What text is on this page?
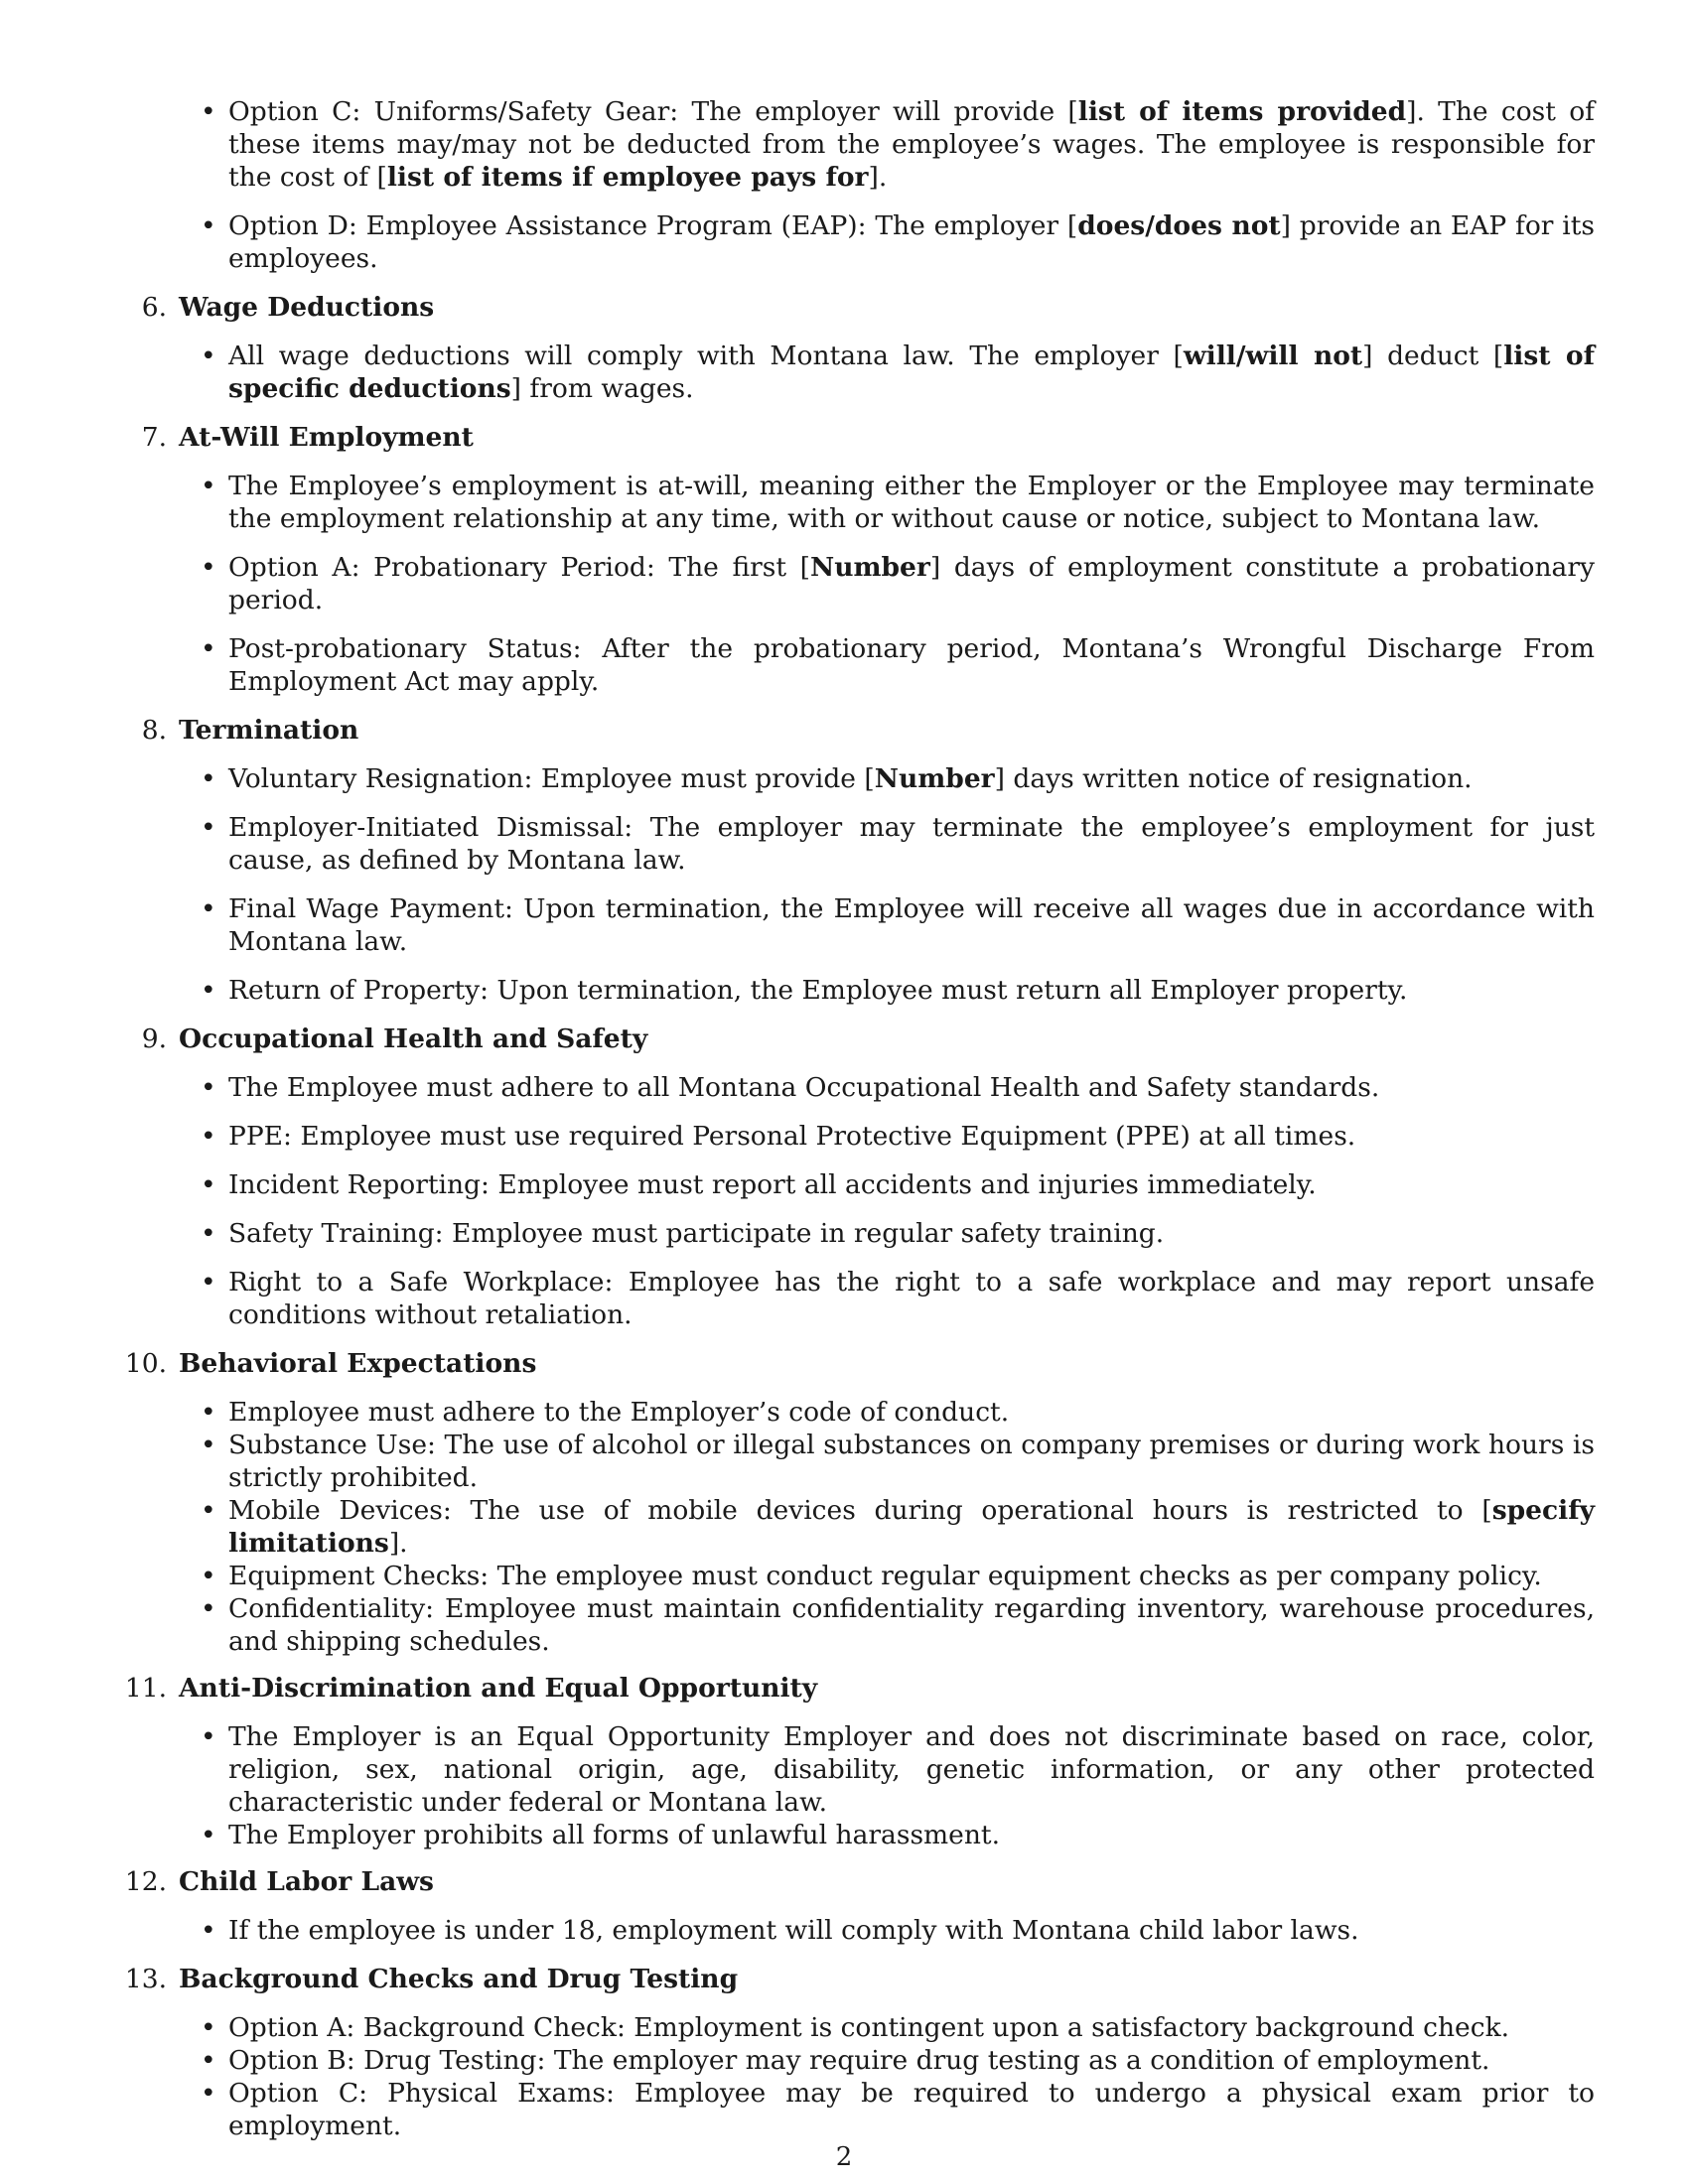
• Option C: Uniforms/Safety Gear: The employer will provide [list of items provided]. The cost of these items may/may not be deducted from the employee’s wages. The employee is responsible for the cost of [list of items if employee pays for].
• Option D: Employee Assistance Program (EAP): The employer [does/does not] provide an EAP for its employees.
6. Wage Deductions
• All wage deductions will comply with Montana law. The employer [will/will not] deduct [list of specific deductions] from wages.
7. At-Will Employment
• The Employee’s employment is at-will, meaning either the Employer or the Employee may terminate the employment relationship at any time, with or without cause or notice, subject to Montana law.
• Option A: Probationary Period: The first [Number] days of employment constitute a probationary period.
• Post-probationary Status: After the probationary period, Montana’s Wrongful Discharge From Employment Act may apply.
8. Termination
• Voluntary Resignation: Employee must provide [Number] days written notice of resignation.
• Employer-Initiated Dismissal: The employer may terminate the employee’s employment for just cause, as defined by Montana law.
• Final Wage Payment: Upon termination, the Employee will receive all wages due in accordance with Montana law.
• Return of Property: Upon termination, the Employee must return all Employer property.
9. Occupational Health and Safety
• The Employee must adhere to all Montana Occupational Health and Safety standards.
• PPE: Employee must use required Personal Protective Equipment (PPE) at all times.
• Incident Reporting: Employee must report all accidents and injuries immediately.
• Safety Training: Employee must participate in regular safety training.
• Right to a Safe Workplace: Employee has the right to a safe workplace and may report unsafe conditions without retaliation.
10. Behavioral Expectations
• Employee must adhere to the Employer’s code of conduct.
• Substance Use: The use of alcohol or illegal substances on company premises or during work hours is strictly prohibited.
• Mobile Devices: The use of mobile devices during operational hours is restricted to [specify limitations].
• Equipment Checks: The employee must conduct regular equipment checks as per company policy.
• Confidentiality: Employee must maintain confidentiality regarding inventory, warehouse procedures, and shipping schedules.
11. Anti-Discrimination and Equal Opportunity
• The Employer is an Equal Opportunity Employer and does not discriminate based on race, color, religion, sex, national origin, age, disability, genetic information, or any other protected characteristic under federal or Montana law.
• The Employer prohibits all forms of unlawful harassment.
12. Child Labor Laws
• If the employee is under 18, employment will comply with Montana child labor laws.
13. Background Checks and Drug Testing
• Option A: Background Check: Employment is contingent upon a satisfactory background check.
• Option B: Drug Testing: The employer may require drug testing as a condition of employment.
• Option C: Physical Exams: Employee may be required to undergo a physical exam prior to employment.
2
